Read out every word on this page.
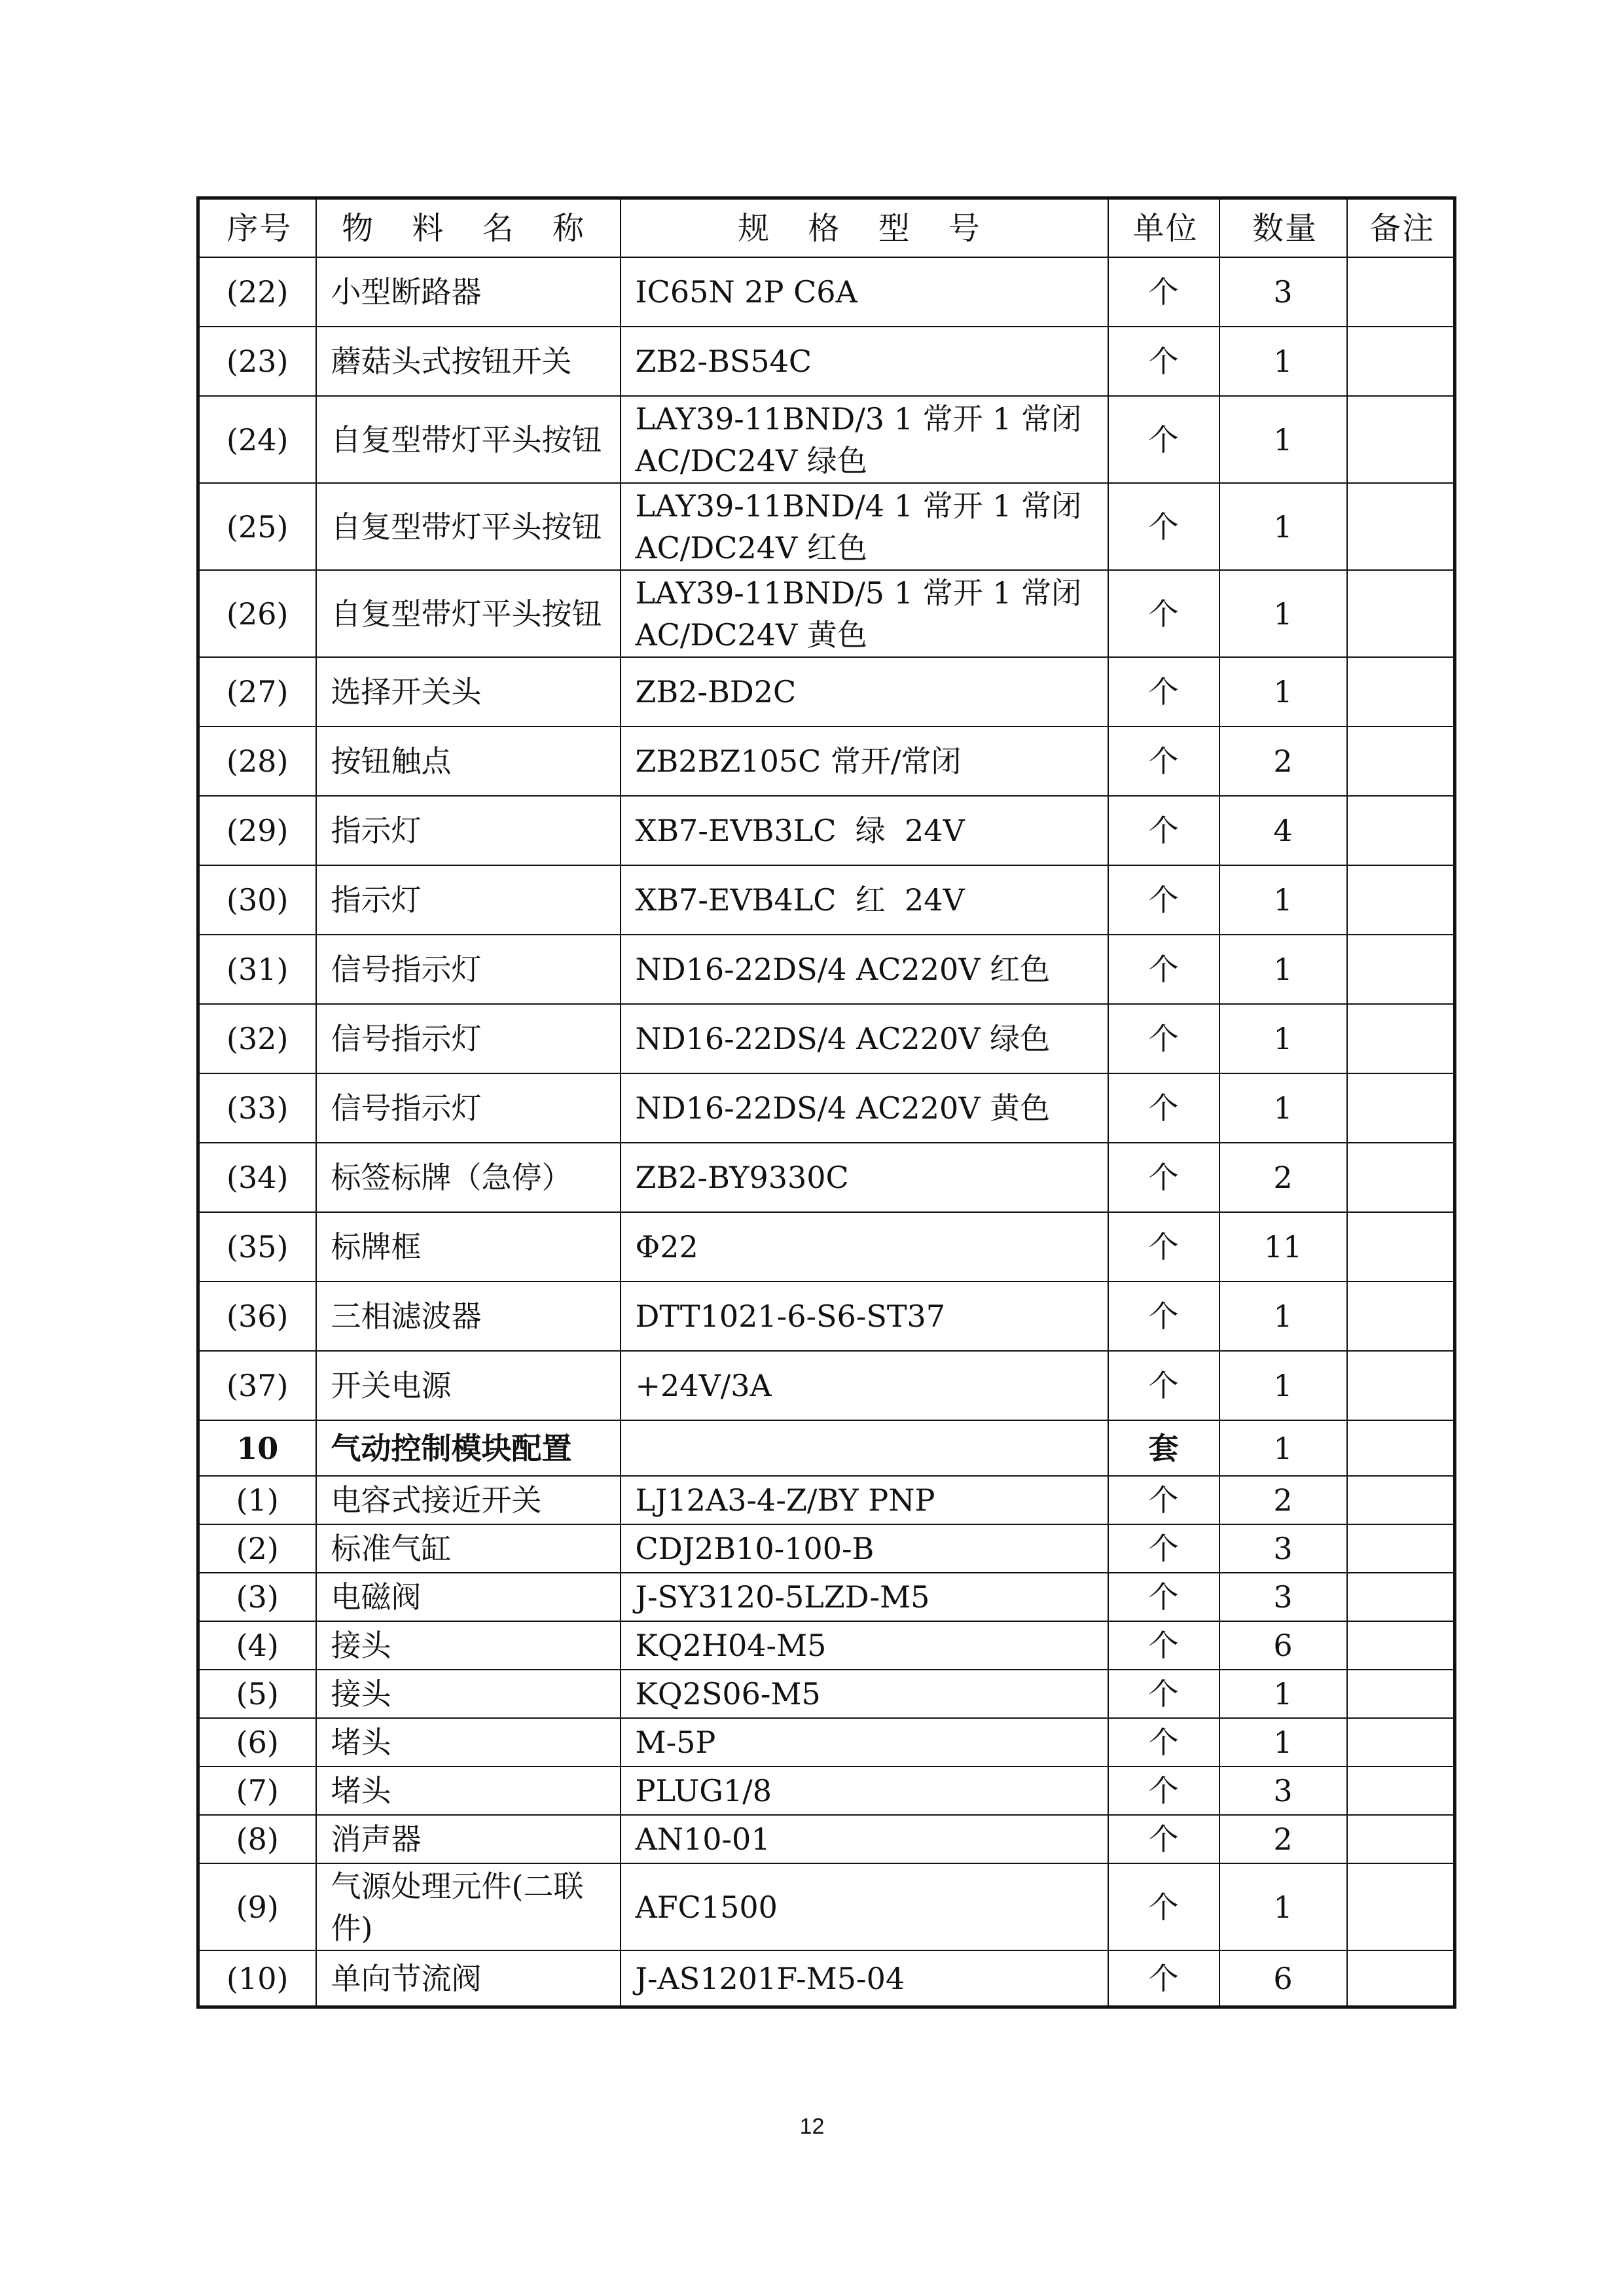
序号	物 料 名 称	规 格 型 号	单位	数量	备注
(22)	小型断路器	IC65N 2P C6A	个	3	
(23)	蘑菇头式按钮开关	ZB2-BS54C	个	1	
(24)	自复型带灯平头按钮	LAY39-11BND/3 1 常开 1 常闭 AC/DC24V 绿色	个	1	
(25)	自复型带灯平头按钮	LAY39-11BND/4 1 常开 1 常闭 AC/DC24V 红色	个	1	
(26)	自复型带灯平头按钮	LAY39-11BND/5 1 常开 1 常闭 AC/DC24V 黄色	个	1	
(27)	选择开关头	ZB2-BD2C	个	1	
(28)	按钮触点	ZB2BZ105C 常开/常闭	个	2	
(29)	指示灯	XB7-EVB3LC  绿  24V	个	4	
(30)	指示灯	XB7-EVB4LC  红  24V	个	1	
(31)	信号指示灯	ND16-22DS/4 AC220V 红色	个	1	
(32)	信号指示灯	ND16-22DS/4 AC220V 绿色	个	1	
(33)	信号指示灯	ND16-22DS/4 AC220V 黄色	个	1	
(34)	标签标牌（急停）	ZB2-BY9330C	个	2	
(35)	标牌框	Φ22	个	11	
(36)	三相滤波器	DTT1021-6-S6-ST37	个	1	
(37)	开关电源	+24V/3A	个	1	
10	气动控制模块配置		套	1	
(1)	电容式接近开关	LJ12A3-4-Z/BY PNP	个	2	
(2)	标准气缸	CDJ2B10-100-B	个	3	
(3)	电磁阀	J-SY3120-5LZD-M5	个	3	
(4)	接头	KQ2H04-M5	个	6	
(5)	接头	KQ2S06-M5	个	1	
(6)	堵头	M-5P	个	1	
(7)	堵头	PLUG1/8	个	3	
(8)	消声器	AN10-01	个	2	
(9)	气源处理元件(二联件)	AFC1500	个	1	
(10)	单向节流阀	J-AS1201F-M5-04	个	6	
12
